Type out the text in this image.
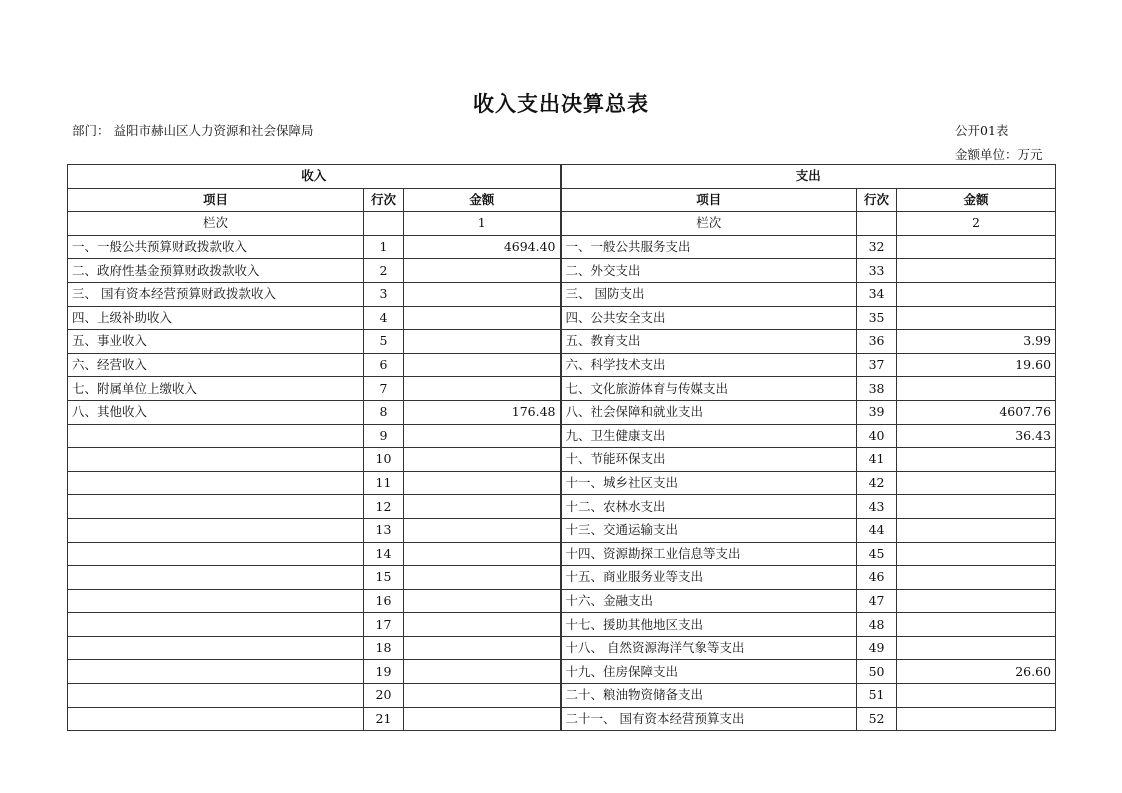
收入支出决算总表
部门： 益阳市赫山区人力资源和社会保障局	公开01表
金额单位：万元
收入			支出		
项目	行次	金额	项目	行次	金额
栏次		1	栏次		2
一、一般公共预算财政拨款收入	1	4694.40	一、一般公共服务支出	32	
二、政府性基金预算财政拨款收入	2		二、外交支出	33	
三、 国有资本经营预算财政拨款收入	3		三、 国防支出	34	
四、上级补助收入	4		四、公共安全支出	35	
五、事业收入	5		五、教育支出	36	3.99
六、经营收入	6		六、科学技术支出	37	19.60
七、附属单位上缴收入	7		七、文化旅游体育与传媒支出	38	
八、其他收入	8	176.48	八、社会保障和就业支出	39	4607.76
	9		九、卫生健康支出	40	36.43
	10		十、节能环保支出	41	
	11		十一、城乡社区支出	42	
	12		十二、农林水支出	43	
	13		十三、交通运输支出	44	
	14		十四、资源勘探工业信息等支出	45	
	15		十五、商业服务业等支出	46	
	16		十六、金融支出	47	
	17		十七、援助其他地区支出	48	
	18		十八、 自然资源海洋气象等支出	49	
	19		十九、住房保障支出	50	26.60
	20		二十、粮油物资储备支出	51	
	21		二十一、 国有资本经营预算支出	52	
